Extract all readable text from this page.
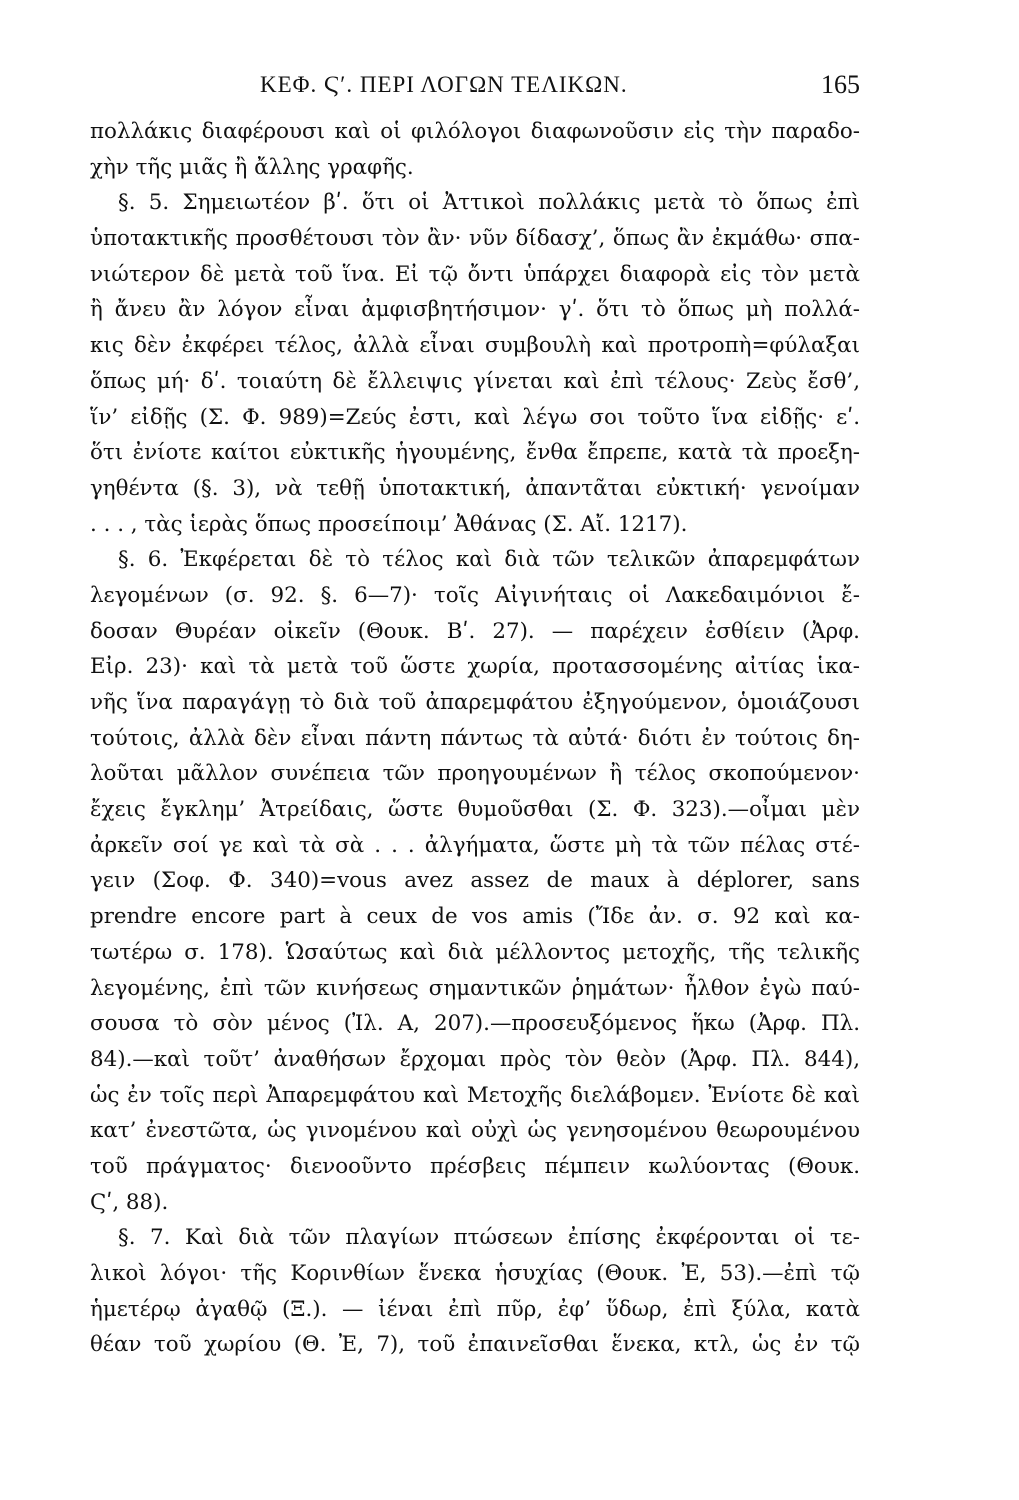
ΚΕΦ. Ϛʹ. ΠΕΡΙ ΛΟΓΩΝ ΤΕΛΙΚΩΝ.	165
πολλάκις διαφέρουσι καὶ οἱ φιλόλογοι διαφωνοῦσιν εἰς τὴν παραδο-
χὴν τῆς μιᾶς ἢ ἄλλης γραφῆς.
§. 5. Σημειωτέον βʹ. ὅτι οἱ Ἀττικοὶ πολλάκις μετὰ τὸ ὅπως ἐπὶ
ὑποτακτικῆς προσθέτουσι τὸν ἂν· νῦν δίδασχ’, ὅπως ἂν ἐκμάθω· σπα-
νιώτερον δὲ μετὰ τοῦ ἵνα. Εἰ τῷ ὄντι ὑπάρχει διαφορὰ εἰς τὸν μετὰ
ἢ ἄνευ ἂν λόγον εἶναι ἀμφισβητήσιμον· γʹ. ὅτι τὸ ὅπως μὴ πολλά-
κις δὲν ἐκφέρει τέλος, ἀλλὰ εἶναι συμβουλὴ καὶ προτροπὴ=φύλαξαι
ὅπως μή· δʹ. τοιαύτη δὲ ἔλλειψις γίνεται καὶ ἐπὶ τέλους· Ζεὺς ἔσθ’,
ἵν’ εἰδῇς (Σ. Φ. 989)=Ζεύς ἐστι, καὶ λέγω σοι τοῦτο ἵνα εἰδῇς· εʹ.
ὅτι ἐνίοτε καίτοι εὐκτικῆς ἡγουμένης, ἔνθα ἔπρεπε, κατὰ τὰ προεξη-
γηθέντα (§. 3), νὰ τεθῇ ὑποτακτική, ἀπαντᾶται εὐκτική· γενοίμαν
. . . , τὰς ἱερὰς ὅπως προσείποιμ’ Ἀθάνας (Σ. Αἴ. 1217).
§. 6. Ἐκφέρεται δὲ τὸ τέλος καὶ διὰ τῶν τελικῶν ἀπαρεμφάτων
λεγομένων (σ. 92. §. 6—7)· τοῖς Αἰγινήταις οἱ Λακεδαιμόνιοι ἔ-
δοσαν Θυρέαν οἰκεῖν (Θουκ. Βʹ. 27). — παρέχειν ἐσθίειν (Ἀρφ.
Εἰρ. 23)· καὶ τὰ μετὰ τοῦ ὥστε χωρία, προτασσομένης αἰτίας ἱκα-
νῆς ἵνα παραγάγῃ τὸ διὰ τοῦ ἀπαρεμφάτου ἐξηγούμενον, ὁμοιάζουσι
τούτοις, ἀλλὰ δὲν εἶναι πάντη πάντως τὰ αὐτά· διότι ἐν τούτοις δη-
λοῦται μᾶλλον συνέπεια τῶν προηγουμένων ἢ τέλος σκοπούμενον·
ἔχεις ἔγκλημ’ Ἀτρείδαις, ὥστε θυμοῦσθαι (Σ. Φ. 323).—οἶμαι μὲν
ἀρκεῖν σοί γε καὶ τὰ σὰ . . . ἀλγήματα, ὥστε μὴ τὰ τῶν πέλας στέ-
γειν (Σοφ. Φ. 340)=vous avez assez de maux à déplorer, sans
prendre encore part à ceux de vos amis (Ἴδε ἀν. σ. 92 καὶ κα-
τωτέρω σ. 178). Ὡσαύτως καὶ διὰ μέλλοντος μετοχῆς, τῆς τελικῆς
λεγομένης, ἐπὶ τῶν κινήσεως σημαντικῶν ῥημάτων· ἦλθον ἐγὼ παύ-
σουσα τὸ σὸν μένος (Ἰλ. Α, 207).—προσευξόμενος ἥκω (Ἀρφ. Πλ.
84).—καὶ τοῦτ’ ἀναθήσων ἔρχομαι πρὸς τὸν θεὸν (Ἀρφ. Πλ. 844),
ὡς ἐν τοῖς περὶ Ἀπαρεμφάτου καὶ Μετοχῆς διελάβομεν. Ἐνίοτε δὲ καὶ
κατ’ ἐνεστῶτα, ὡς γινομένου καὶ οὐχὶ ὡς γενησομένου θεωρουμένου
τοῦ πράγματος· διενοοῦντο πρέσβεις πέμπειν κωλύοντας (Θουκ.
Ϛʹ, 88).
§. 7. Καὶ διὰ τῶν πλαγίων πτώσεων ἐπίσης ἐκφέρονται οἱ τε-
λικοὶ λόγοι· τῆς Κορινθίων ἕνεκα ἡσυχίας (Θουκ. Ἐ, 53).—ἐπὶ τῷ
ἡμετέρῳ ἀγαθῷ (Ξ.). — ἰέναι ἐπὶ πῦρ, ἐφ’ ὕδωρ, ἐπὶ ξύλα, κατὰ
θέαν τοῦ χωρίου (Θ. Ἐ, 7), τοῦ ἐπαινεῖσθαι ἕνεκα, κτλ, ὡς ἐν τῷ
